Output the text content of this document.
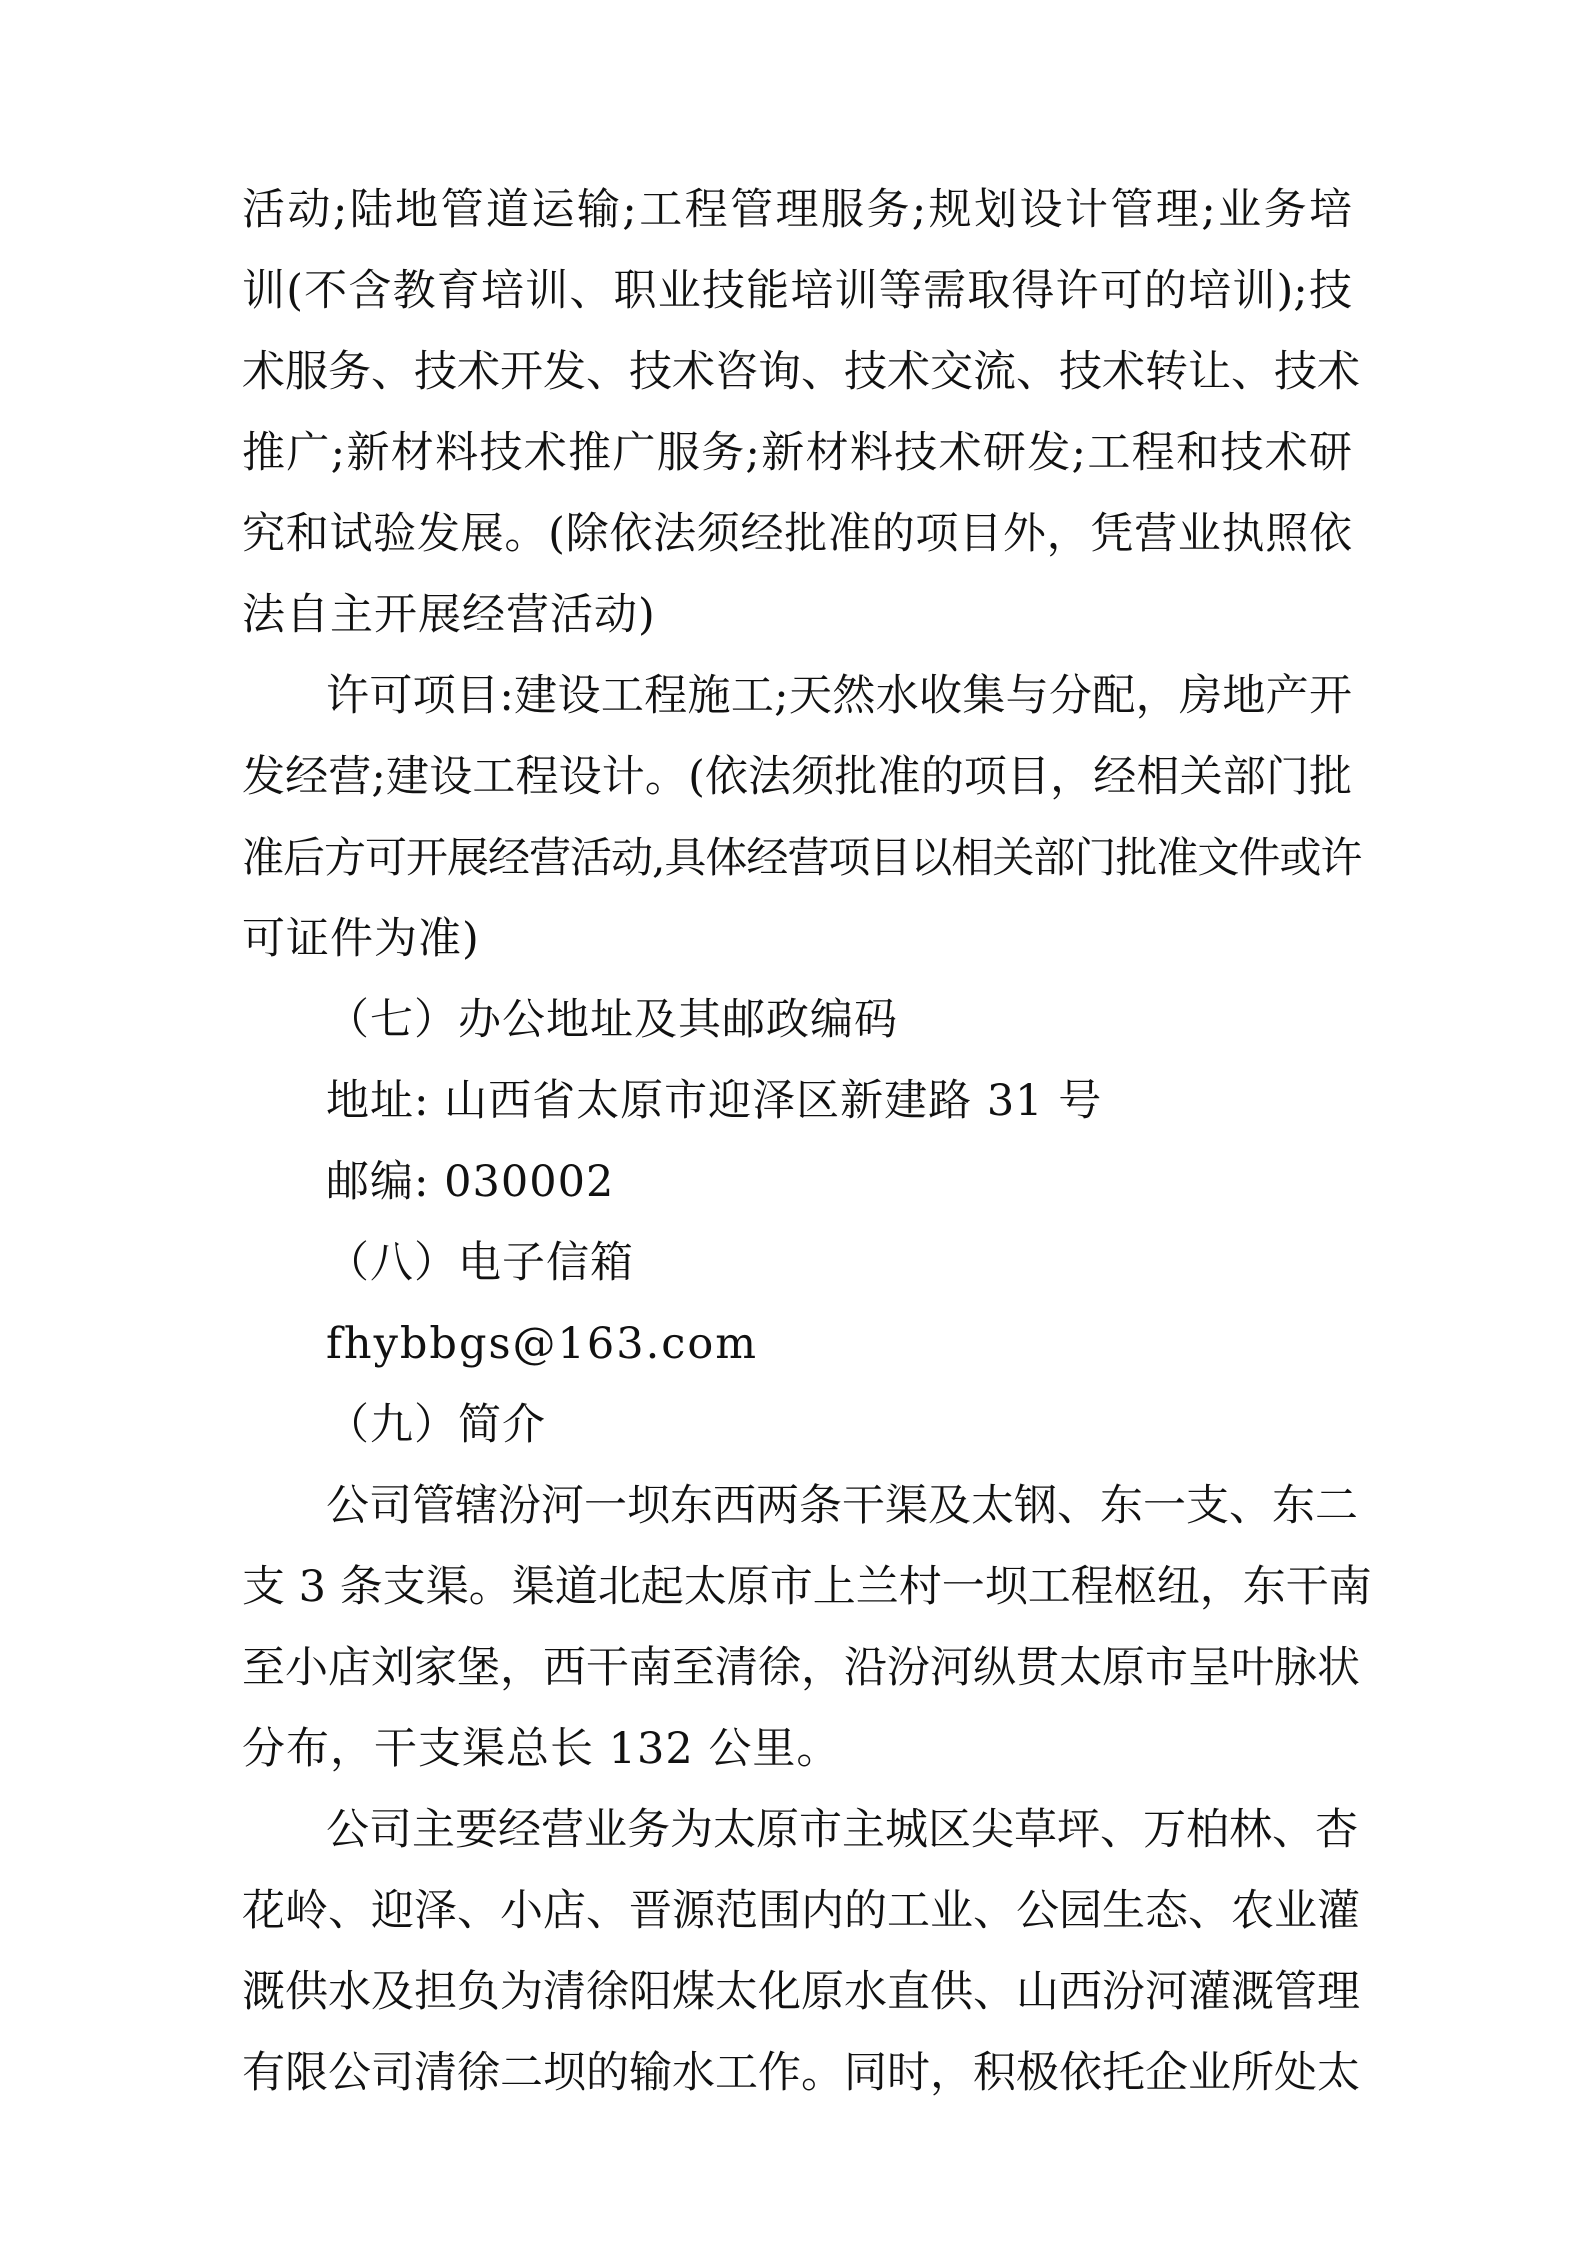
活动;陆地管道运输;工程管理服务;规划设计管理;业务培
训(不含教育培训、职业技能培训等需取得许可的培训);技
术服务、技术开发、技术咨询、技术交流、技术转让、技术
推广;新材料技术推广服务;新材料技术研发;工程和技术研
究和试验发展。(除依法须经批准的项目外，凭营业执照依
法自主开展经营活动)
许可项目:建设工程施工;天然水收集与分配，房地产开
发经营;建设工程设计。(依法须批准的项目，经相关部门批
准后方可开展经营活动,具体经营项目以相关部门批准文件或许
可证件为准)
（七）办公地址及其邮政编码
地址: 山西省太原市迎泽区新建路 31 号
邮编: 030002
（八）电子信箱
fhybbgs@163.com
（九）简介
公司管辖汾河一坝东西两条干渠及太钢、东一支、东二
支 3 条支渠。渠道北起太原市上兰村一坝工程枢纽，东干南
至小店刘家堡，西干南至清徐，沿汾河纵贯太原市呈叶脉状
分布，干支渠总长 132 公里。
公司主要经营业务为太原市主城区尖草坪、万柏林、杏
花岭、迎泽、小店、晋源范围内的工业、公园生态、农业灌
溉供水及担负为清徐阳煤太化原水直供、山西汾河灌溉管理
有限公司清徐二坝的输水工作。同时，积极依托企业所处太
